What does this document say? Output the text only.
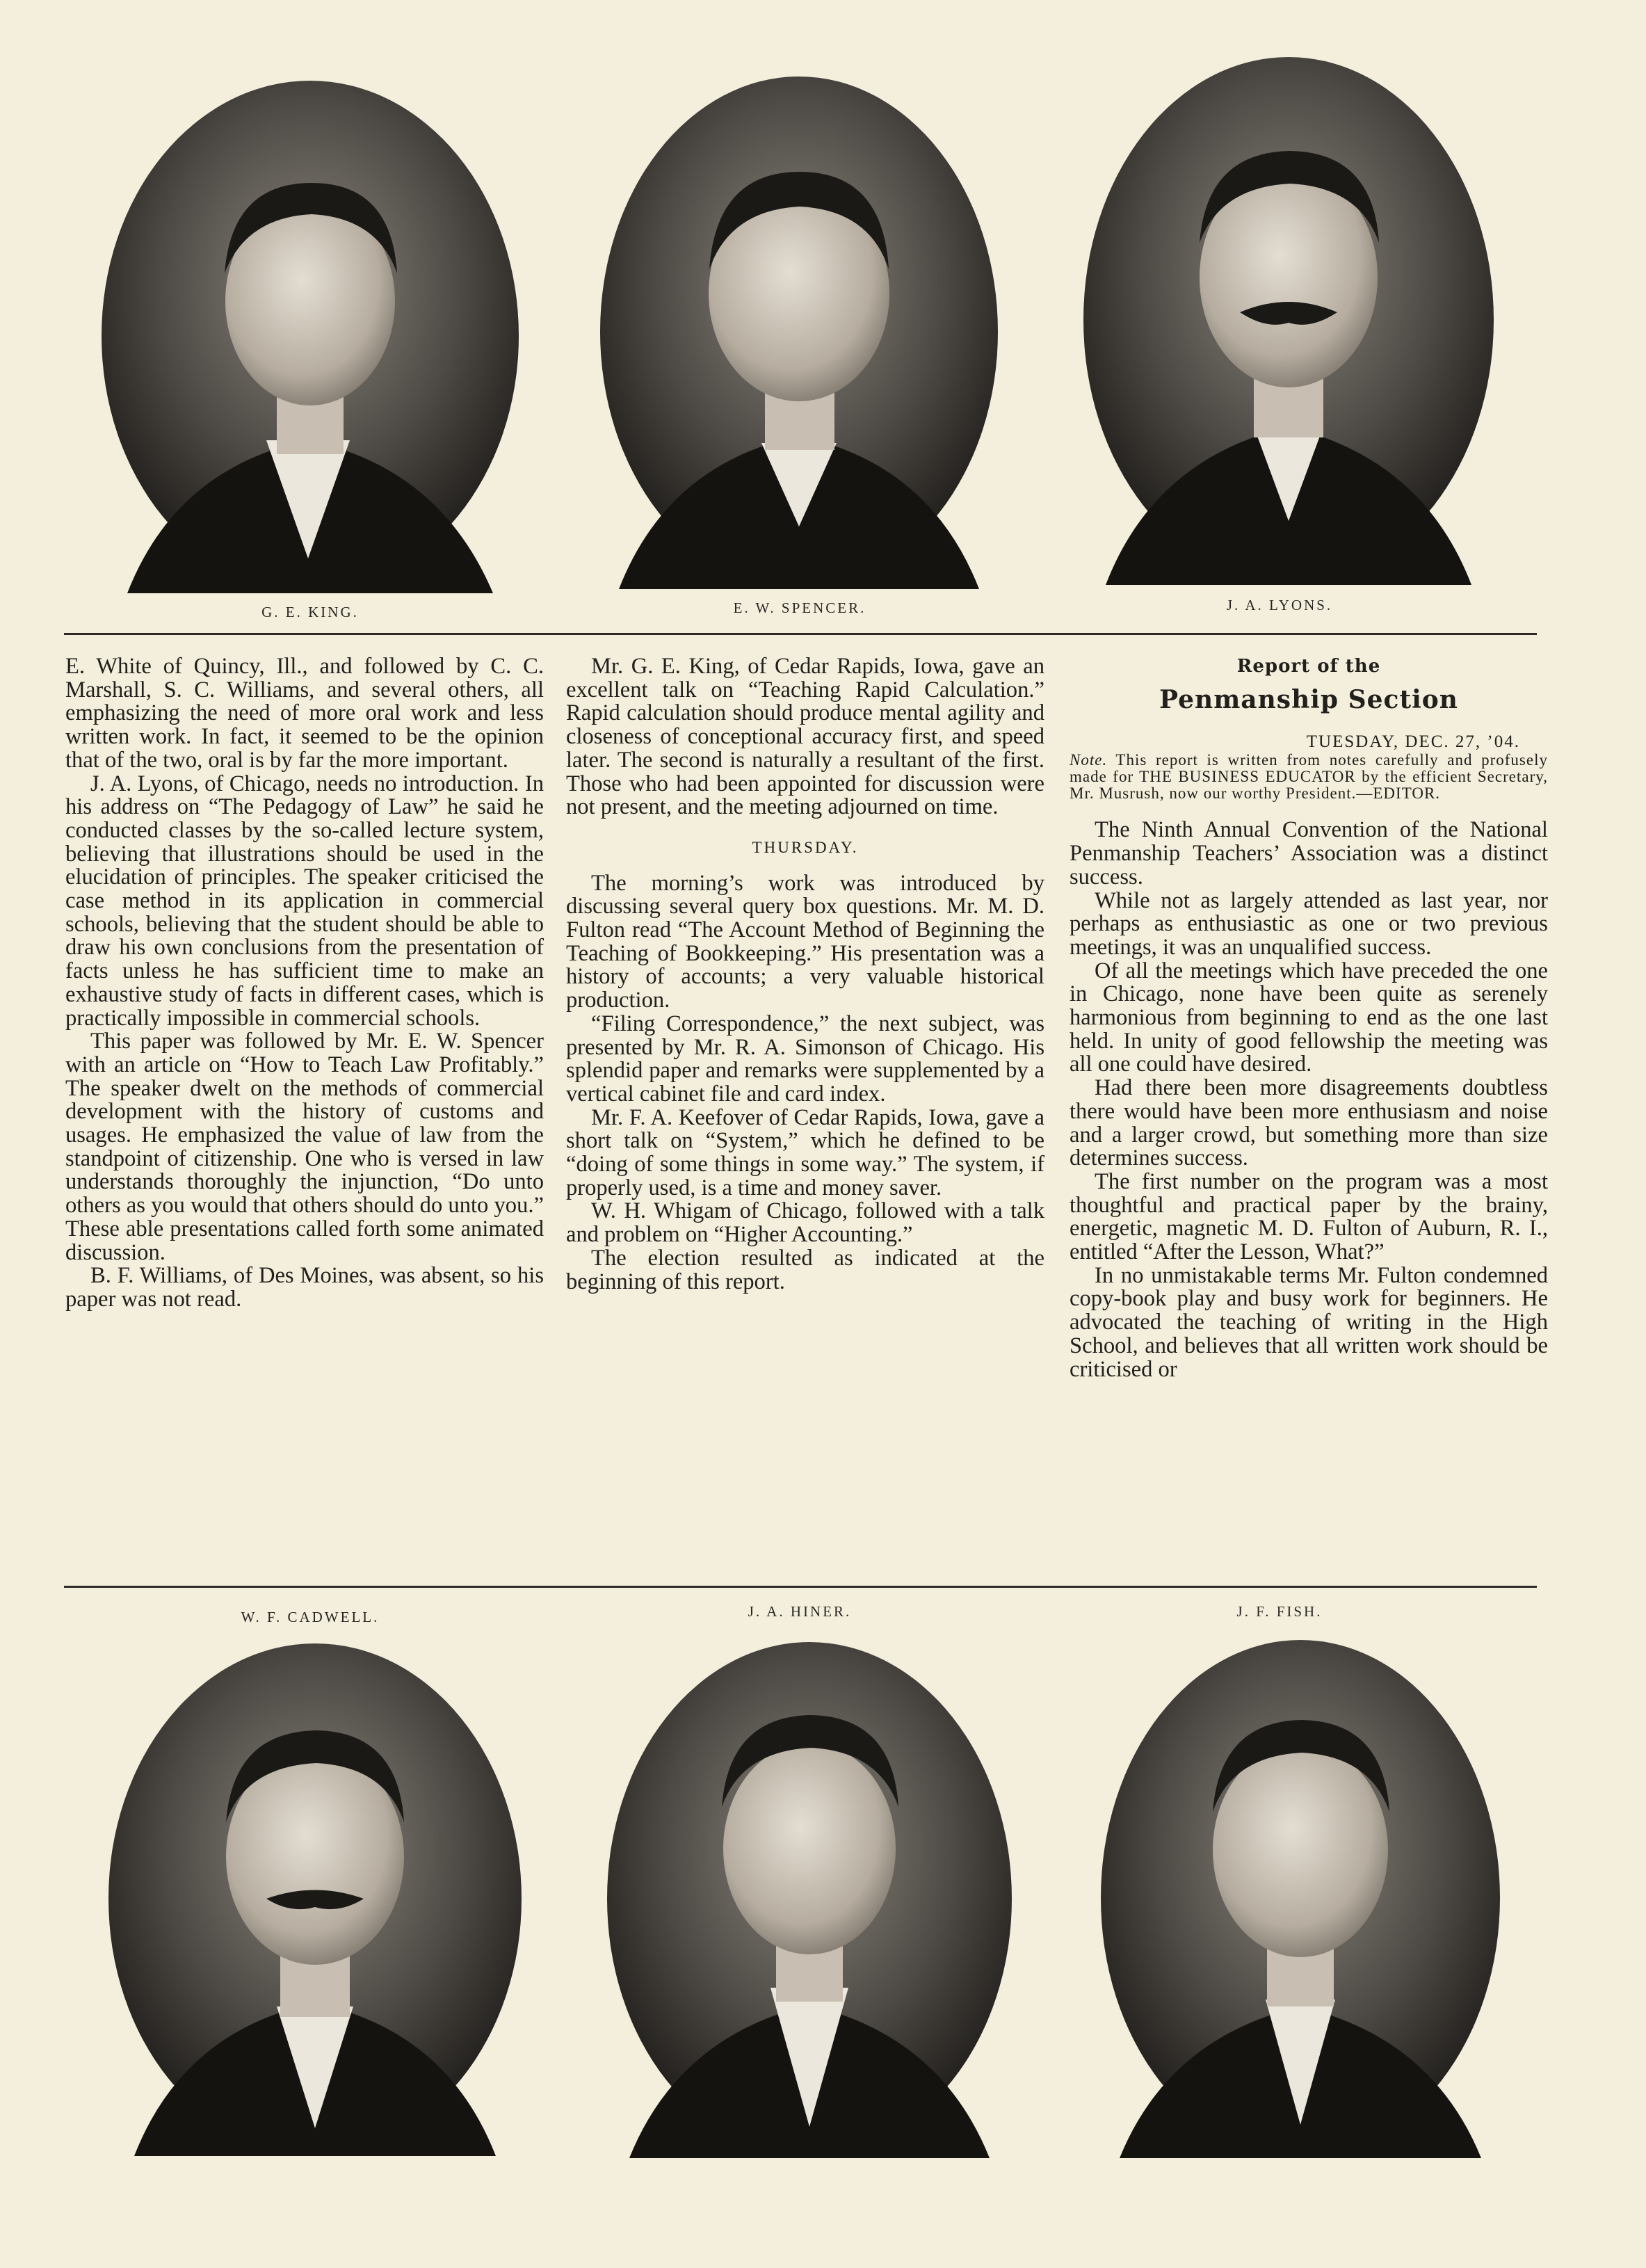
G. E. KING.	E. W. SPENCER.	J. A. LYONS.

E. White of Quincy, Ill., and followed by C. C. Marshall, S. C. Williams, and several others, all emphasizing the need of more oral work and less written work. In fact, it seemed to be the opinion that of the two, oral is by far the more important.

J. A. Lyons, of Chicago, needs no introduction. In his address on “The Pedagogy of Law” he said he conducted classes by the so-called lecture system, believing that illustrations should be used in the elucidation of principles. The speaker criticised the case method in its application in commercial schools, believing that the student should be able to draw his own conclusions from the presentation of facts unless he has sufficient time to make an exhaustive study of facts in different cases, which is practically impossible in commercial schools.

This paper was followed by Mr. E. W. Spencer with an article on “How to Teach Law Profitably.” The speaker dwelt on the methods of commercial development with the history of customs and usages. He emphasized the value of law from the standpoint of citizenship. One who is versed in law understands thoroughly the injunction, “Do unto others as you would that others should do unto you.” These able presentations called forth some animated discussion.

B. F. Williams, of Des Moines, was absent, so his paper was not read.

Mr. G. E. King, of Cedar Rapids, Iowa, gave an excellent talk on “Teaching Rapid Calculation.” Rapid calculation should produce mental agility and closeness of conceptional accuracy first, and speed later. The second is naturally a resultant of the first. Those who had been appointed for discussion were not present, and the meeting adjourned on time.

THURSDAY.

The morning’s work was introduced by discussing several query box questions. Mr. M. D. Fulton read “The Account Method of Beginning the Teaching of Bookkeeping.” His presentation was a history of accounts; a very valuable historical production.

“Filing Correspondence,” the next subject, was presented by Mr. R. A. Simonson of Chicago. His splendid paper and remarks were supplemented by a vertical cabinet file and card index.

Mr. F. A. Keefover of Cedar Rapids, Iowa, gave a short talk on “System,” which he defined to be “doing of some things in some way.” The system, if properly used, is a time and money saver.

W. H. Whigam of Chicago, followed with a talk and problem on “Higher Accounting.”

The election resulted as indicated at the beginning of this report.

Report of the
Penmanship Section
TUESDAY, DEC. 27, ’04.
Note. This report is written from notes carefully and profusely made for THE BUSINESS EDUCATOR by the efficient Secretary, Mr. Musrush, now our worthy President.—EDITOR.

The Ninth Annual Convention of the National Penmanship Teachers’ Association was a distinct success.

While not as largely attended as last year, nor perhaps as enthusiastic as one or two previous meetings, it was an unqualified success.

Of all the meetings which have preceded the one in Chicago, none have been quite as serenely harmonious from beginning to end as the one last held. In unity of good fellowship the meeting was all one could have desired.

Had there been more disagreements doubtless there would have been more enthusiasm and noise and a larger crowd, but something more than size determines success.

The first number on the program was a most thoughtful and practical paper by the brainy, energetic, magnetic M. D. Fulton of Auburn, R. I., entitled “After the Lesson, What?”

In no unmistakable terms Mr. Fulton condemned copy-book play and busy work for beginners. He advocated the teaching of writing in the High School, and believes that all written work should be criticised or

W. F. CADWELL.	J. A. HINER.	J. F. FISH.
